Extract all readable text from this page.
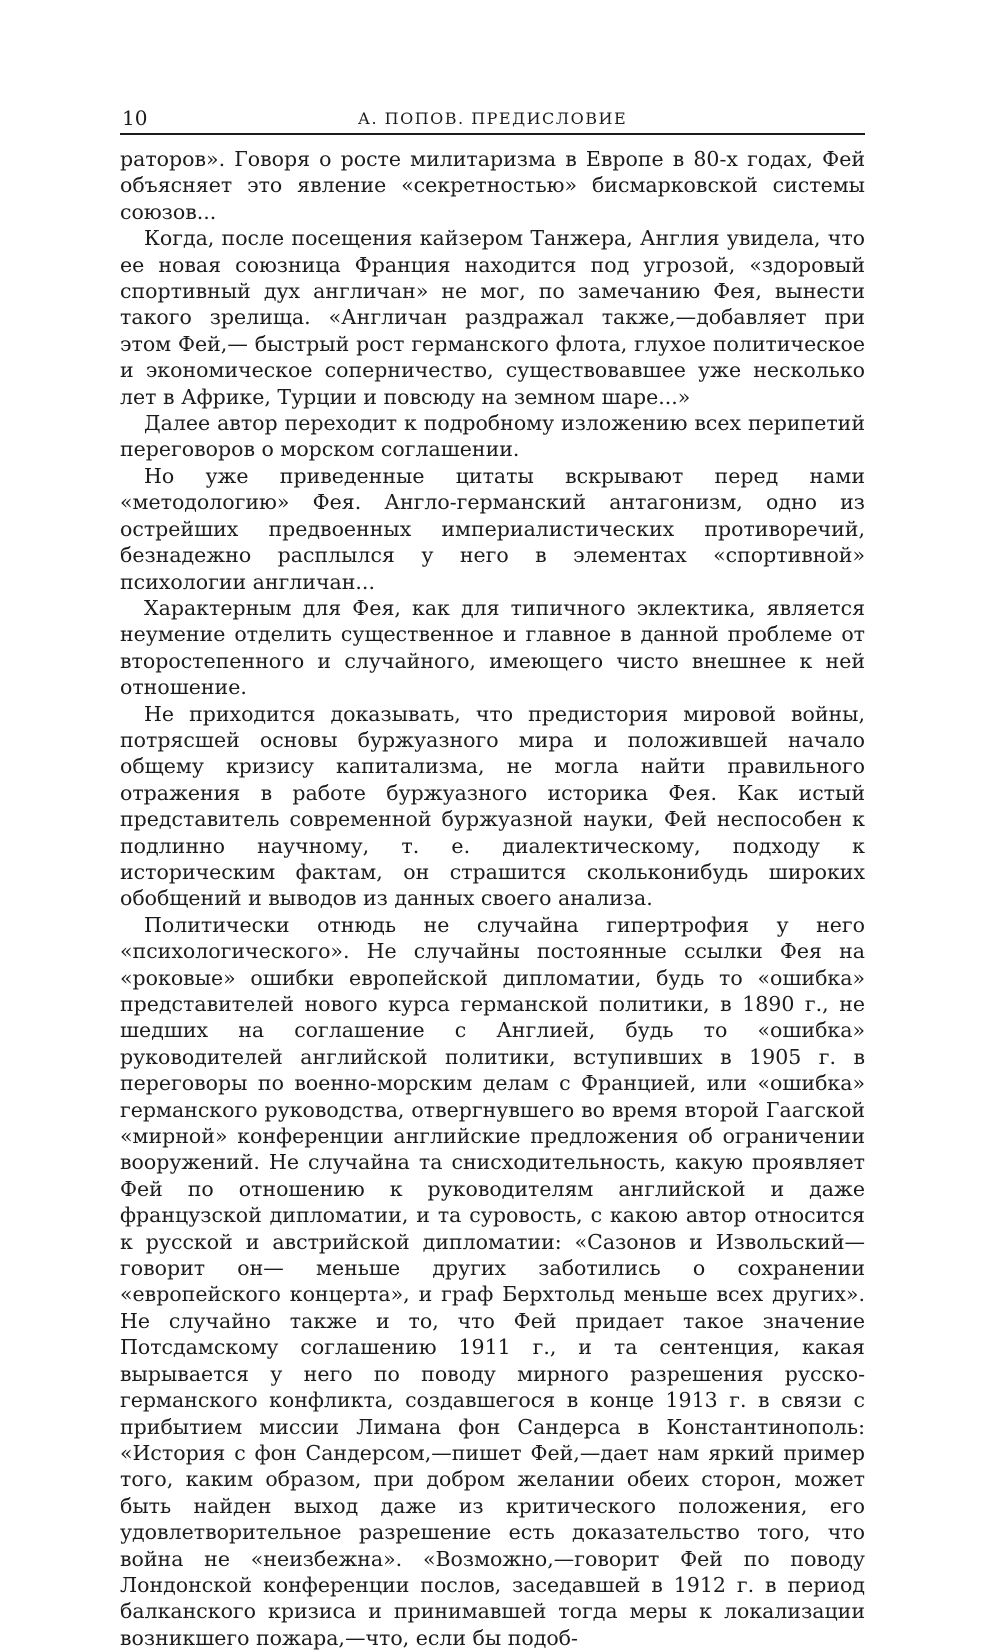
10	А. ПОПОВ. ПРЕДИСЛОВИЕ

раторов». Говоря о росте милитаризма в Европе в 80-х годах, Фей объясняет это явление «секретностью» бисмарковской системы союзов...

Когда, после посещения кайзером Танжера, Англия увидела, что ее новая союзница Франция находится под угрозой, «здоровый спортивный дух англичан» не мог, по замечанию Фея, вынести такого зрелища. «Англичан раздражал также,—добавляет при этом Фей,— быстрый рост германского флота, глухое политическое и экономическое соперничество, существовавшее уже несколько лет в Африке, Турции и повсюду на земном шаре...»

Далее автор переходит к подробному изложению всех перипетий переговоров о морском соглашении.

Но уже приведенные цитаты вскрывают перед нами «методологию» Фея. Англо-германский антагонизм, одно из острейших предвоенных империалистических противоречий, безнадежно расплылся у него в элементах «спортивной» психологии англичан...

Характерным для Фея, как для типичного эклектика, является неумение отделить существенное и главное в данной проблеме от второстепенного и случайного, имеющего чисто внешнее к ней отношение.

Не приходится доказывать, что предистория мировой войны, потрясшей основы буржуазного мира и положившей начало общему кризису капитализма, не могла найти правильного отражения в работе буржуазного историка Фея. Как истый представитель современной буржуазной науки, Фей неспособен к подлинно научному, т. е. диалектическому, подходу к историческим фактам, он страшится скольконибудь широких обобщений и выводов из данных своего анализа.

Политически отнюдь не случайна гипертрофия у него «психологического». Не случайны постоянные ссылки Фея на «роковые» ошибки европейской дипломатии, будь то «ошибка» представителей нового курса германской политики, в 1890 г., не шедших на соглашение с Англией, будь то «ошибка» руководителей английской политики, вступивших в 1905 г. в переговоры по военно-морским делам с Францией, или «ошибка» германского руководства, отвергнувшего во время второй Гаагской «мирной» конференции английские предложения об ограничении вооружений. Не случайна та снисходительность, какую проявляет Фей по отношению к руководителям английской и даже французской дипломатии, и та суровость, с какою автор относится к русской и австрийской дипломатии: «Сазонов и Извольский—говорит он— меньше других заботились о сохранении «европейского концерта», и граф Берхтольд меньше всех других». Не случайно также и то, что Фей придает такое значение Потсдамскому соглашению 1911 г., и та сентенция, какая вырывается у него по поводу мирного разрешения русско-германского конфликта, создавшегося в конце 1913 г. в связи с прибытием миссии Лимана фон Сандерса в Константинополь: «История с фон Сандерсом,—пишет Фей,—дает нам яркий пример того, каким образом, при добром желании обеих сторон, может быть найден выход даже из критического положения, его удовлетворительное разрешение есть доказательство того, что война не «неизбежна». «Возможно,—говорит Фей по поводу Лондонской конференции послов, заседавшей в 1912 г. в период балканского кризиса и принимавшей тогда меры к локализации возникшего пожара,—что, если бы подоб-
